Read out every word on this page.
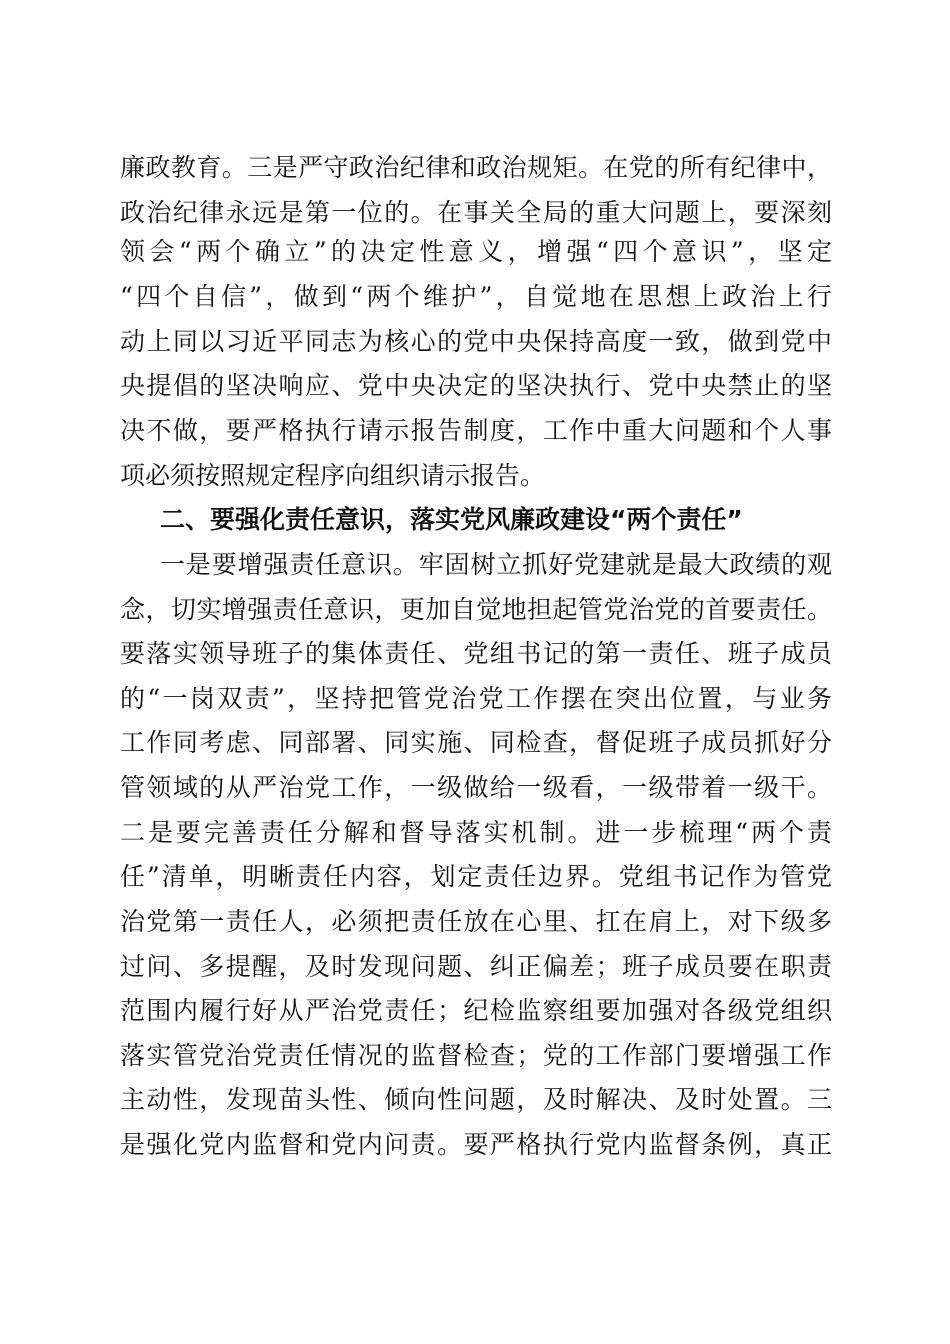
廉政教育。三是严守政治纪律和政治规矩。在党的所有纪律中，
政治纪律永远是第一位的。在事关全局的重大问题上，要深刻
领会“两个确立”的决定性意义，增强“四个意识”，坚定
“四个自信”，做到“两个维护”，自觉地在思想上政治上行
动上同以习近平同志为核心的党中央保持高度一致，做到党中
央提倡的坚决响应、党中央决定的坚决执行、党中央禁止的坚
决不做，要严格执行请示报告制度，工作中重大问题和个人事
项必须按照规定程序向组织请示报告。
二、要强化责任意识，落实党风廉政建设“两个责任”
一是要增强责任意识。牢固树立抓好党建就是最大政绩的观
念，切实增强责任意识，更加自觉地担起管党治党的首要责任。
要落实领导班子的集体责任、党组书记的第一责任、班子成员
的“一岗双责”，坚持把管党治党工作摆在突出位置，与业务
工作同考虑、同部署、同实施、同检查，督促班子成员抓好分
管领域的从严治党工作，一级做给一级看，一级带着一级干。
二是要完善责任分解和督导落实机制。进一步梳理“两个责
任”清单，明晰责任内容，划定责任边界。党组书记作为管党
治党第一责任人，必须把责任放在心里、扛在肩上，对下级多
过问、多提醒，及时发现问题、纠正偏差；班子成员要在职责
范围内履行好从严治党责任；纪检监察组要加强对各级党组织
落实管党治党责任情况的监督检查；党的工作部门要增强工作
主动性，发现苗头性、倾向性问题，及时解决、及时处置。三
是强化党内监督和党内问责。要严格执行党内监督条例，真正
